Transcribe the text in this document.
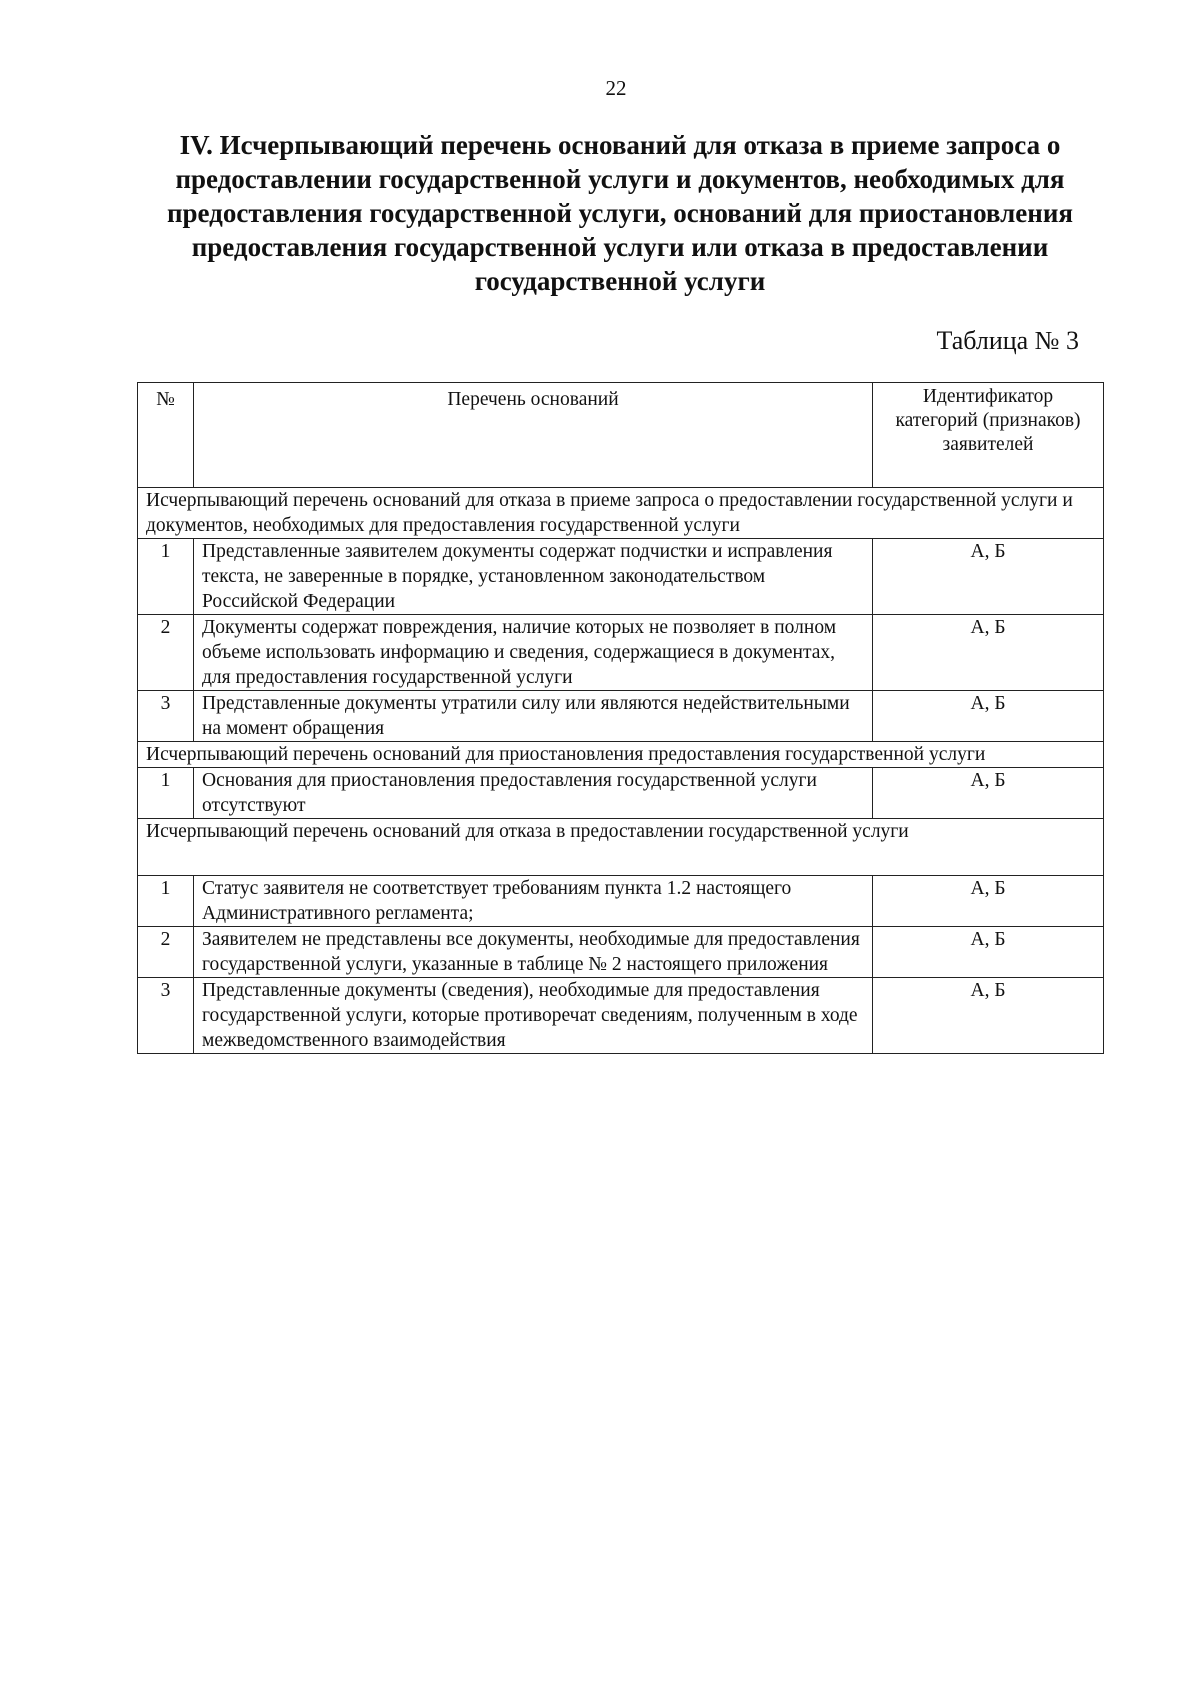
22
IV. Исчерпывающий перечень оснований для отказа в приеме запроса о предоставлении государственной услуги и документов, необходимых для предоставления государственной услуги, оснований для приостановления предоставления государственной услуги или отказа в предоставлении государственной услуги
Таблица № 3
№	Перечень оснований	Идентификатор категорий (признаков) заявителей
Исчерпывающий перечень оснований для отказа в приеме запроса о предоставлении государственной услуги и документов, необходимых для предоставления государственной услуги		
1	Представленные заявителем документы содержат подчистки и исправления текста, не заверенные в порядке, установленном законодательством Российской Федерации	А, Б
2	Документы содержат повреждения, наличие которых не позволяет в полном объеме использовать информацию и сведения, содержащиеся в документах, для предоставления государственной услуги	А, Б
3	Представленные документы утратили силу или являются недействительными на момент обращения	А, Б
Исчерпывающий перечень оснований для приостановления предоставления государственной услуги		
1	Основания для приостановления предоставления государственной услуги отсутствуют	А, Б
Исчерпывающий перечень оснований для отказа в предоставлении государственной услуги		
1	Статус заявителя не соответствует требованиям пункта 1.2 настоящего Административного регламента;	А, Б
2	Заявителем не представлены все документы, необходимые для предоставления государственной услуги, указанные в таблице № 2 настоящего приложения	А, Б
3	Представленные документы (сведения), необходимые для предоставления государственной услуги, которые противоречат сведениям, полученным в ходе межведомственного взаимодействия	А, Б
